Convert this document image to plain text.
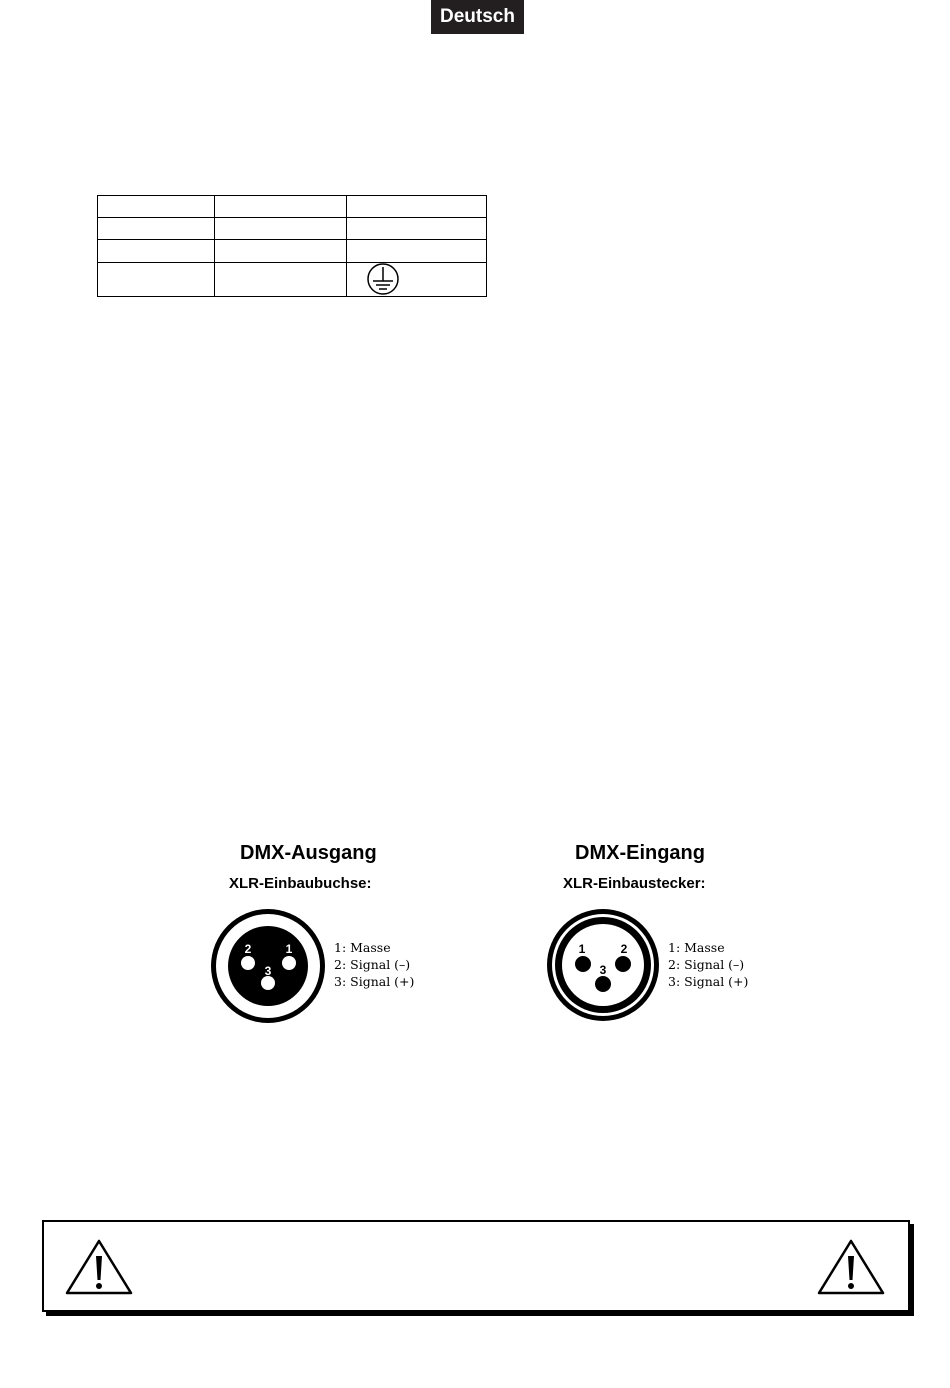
Deutsch

DMX-Ausgang
XLR-Einbaubuchse:
2	1
3
1: Masse
2: Signal (–)
3: Signal (+)
DMX-Eingang
XLR-Einbaustecker:
1	2
3
1: Masse
2: Signal (–)
3: Signal (+)
